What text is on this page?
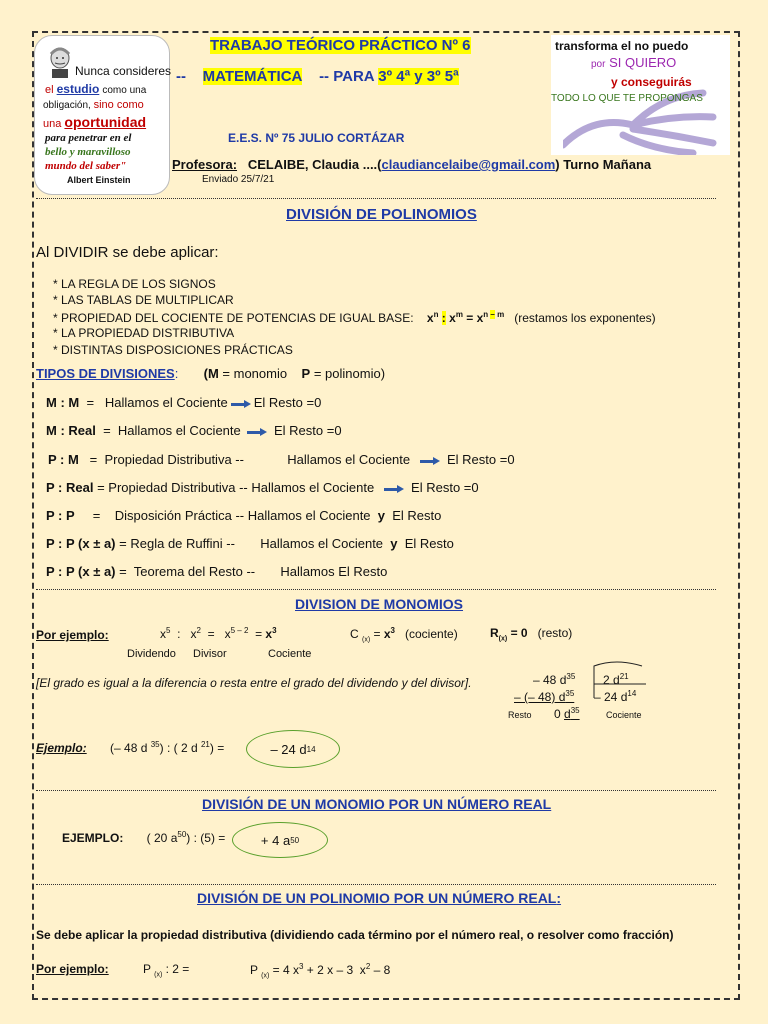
Nunca consideres
el estudio como una
obligación, sino como
una oportunidad
para penetrar en el
bello y maravilloso
mundo del saber"
Albert Einstein
TRABAJO TEÓRICO PRÁCTICO Nº 6
-- MATEMÁTICA -- PARA 3º 4ª y 3º 5ª
E.E.S. Nº 75 JULIO CORTÁZAR
Profesora: CELAIBE, Claudia ....(claudiancelaibe@gmail.com) Turno Mañana
Enviado 25/7/21
transforma el no puedo
por SI QUIERO
y conseguirás
TODO LO QUE TE PROPONGAS
DIVISIÓN DE POLINOMIOS
Al DIVIDIR se debe aplicar:
* LA REGLA DE LOS SIGNOS
* LAS TABLAS DE MULTIPLICAR
* PROPIEDAD DEL COCIENTE DE POTENCIAS DE IGUAL BASE: $x^n$ : $x^m = x^{n - m}$ (restamos los exponentes)
* LA PROPIEDAD DISTRIBUTIVA
* DISTINTAS DISPOSICIONES PRÁCTICAS
TIPOS DE DIVISIONES: (M = monomio P = polinomio)
M : M = Hallamos el Cociente El Resto =0
M : Real = Hallamos el Cociente	El Resto =0
P : M = Propiedad Distributiva --	Hallamos el Cociente	El Resto =0
P : Real = Propiedad Distributiva -- Hallamos el Cociente	El Resto =0
P : P = Disposición Práctica -- Hallamos el Cociente y El Resto
P : P (x ± a) = Regla de Ruffini -- Hallamos el Cociente y El Resto
P : P (x ± a) = Teorema del Resto -- Hallamos El Resto
DIVISION DE MONOMIOS
Por ejemplo:	$x^5$  :   $x^2 = x^{5 - 2} = x^3$	C $_{(x)} = x^3$ (cociente)	$R_{(x)} = 0$ (resto)
Dividendo Divisor	Cociente
[El grado es igual a la diferencia o resta entre el grado del dividendo y del divisor].	– 48 $d^{35}$ 2 $d^{21}$
– (– 48) $d^{35} - 24$ $d^{14}$
Resto 0 $d^{35}$	Cociente
Ejemplo:       (– 48 d $^{35}$) : ( 2 d $^{21}$) =	– 24 d 14
DIVISIÓN DE UN MONOMIO POR UN NÚMERO REAL
EJEMPLO:       ( 20 $a^{50}$) : (5) =	+ 4 a 50
DIVISIÓN DE UN POLINOMIO POR UN NÚMERO REAL:
Se debe aplicar la propiedad distributiva (dividiendo cada término por el número real, o resolver como fracción)
Por ejemplo:	P $_{(x)}$ : 2 =	P $_{(x)}$ = 4 $x^3 + 2$ x – 3  $x^2 - 8$
